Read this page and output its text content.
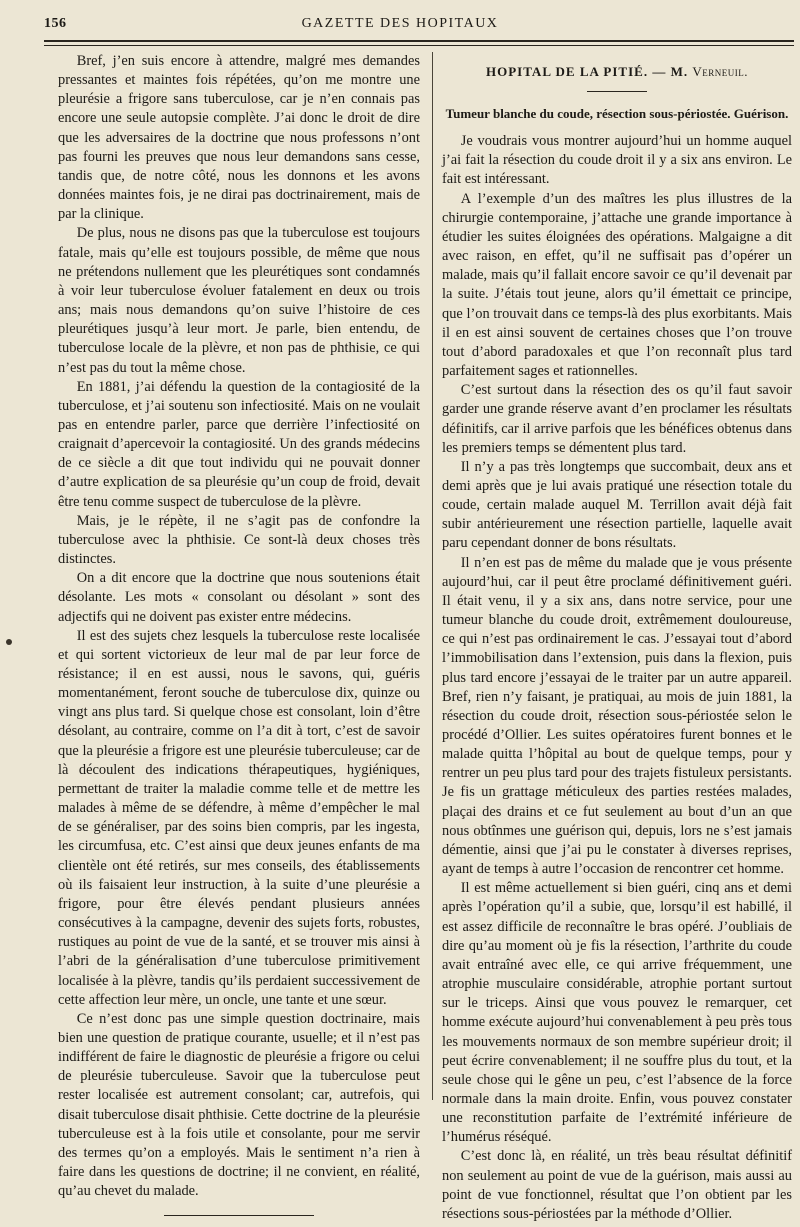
156	GAZETTE DES HOPITAUX

Bref, j’en suis encore à attendre, malgré mes demandes pressantes et maintes fois répétées, qu’on me montre une pleurésie a frigore sans tuberculose, car je n’en connais pas encore une seule autopsie complète. J’ai donc le droit de dire que les adversaires de la doctrine que nous professons n’ont pas fourni les preuves que nous leur demandons sans cesse, tandis que, de notre côté, nous les donnons et les avons données maintes fois, je ne dirai pas doctrinairement, mais de par la clinique.

De plus, nous ne disons pas que la tuberculose est toujours fatale, mais qu’elle est toujours possible, de même que nous ne prétendons nullement que les pleurétiques sont condamnés à voir leur tuberculose évoluer fatalement en deux ou trois ans; mais nous demandons qu’on suive l’histoire de ces pleurétiques jusqu’à leur mort. Je parle, bien entendu, de tuberculose locale de la plèvre, et non pas de phthisie, ce qui n’est pas du tout la même chose.

En 1881, j’ai défendu la question de la contagiosité de la tuberculose, et j’ai soutenu son infectiosité. Mais on ne voulait pas en entendre parler, parce que derrière l’infectiosité on craignait d’apercevoir la contagiosité. Un des grands médecins de ce siècle a dit que tout individu qui ne pouvait donner d’autre explication de sa pleurésie qu’un coup de froid, devait être tenu comme suspect de tuberculose de la plèvre.

Mais, je le répète, il ne s’agit pas de confondre la tuberculose avec la phthisie. Ce sont-là deux choses très distinctes.

On a dit encore que la doctrine que nous soutenions était désolante. Les mots « consolant ou désolant » sont des adjectifs qui ne doivent pas exister entre médecins.

Il est des sujets chez lesquels la tuberculose reste localisée et qui sortent victorieux de leur mal de par leur force de résistance; il en est aussi, nous le savons, qui, guéris momentanément, feront souche de tuberculose dix, quinze ou vingt ans plus tard. Si quelque chose est consolant, loin d’être désolant, au contraire, comme on l’a dit à tort, c’est de savoir que la pleurésie a frigore est une pleurésie tuberculeuse; car de là découlent des indications thérapeutiques, hygiéniques, permettant de traiter la maladie comme telle et de mettre les malades à même de se défendre, à même d’empêcher le mal de se généraliser, par des soins bien compris, par les ingesta, les circumfusa, etc. C’est ainsi que deux jeunes enfants de ma clientèle ont été retirés, sur mes conseils, des établissements où ils faisaient leur instruction, à la suite d’une pleurésie a frigore, pour être élevés pendant plusieurs années consécutives à la campagne, devenir des sujets forts, robustes, rustiques au point de vue de la santé, et se trouver mis ainsi à l’abri de la généralisation d’une tuberculose primitivement localisée à la plèvre, tandis qu’ils perdaient successivement de cette affection leur mère, un oncle, une tante et une sœur.

Ce n’est donc pas une simple question doctrinaire, mais bien une question de pratique courante, usuelle; et il n’est pas indifférent de faire le diagnostic de pleurésie a frigore ou celui de pleurésie tuberculeuse. Savoir que la tuberculose peut rester localisée est autrement consolant; car, autrefois, qui disait tuberculose disait phthisie. Cette doctrine de la pleurésie tuberculeuse est à la fois utile et consolante, pour me servir des termes qu’on a employés. Mais le sentiment n’a rien à faire dans les questions de doctrine; il ne convient, en réalité, qu’au chevet du malade.

HOPITAL DE LA PITIÉ. — M. Verneuil.
Tumeur blanche du coude, résection sous-périostée. Guérison.

Je voudrais vous montrer aujourd’hui un homme auquel j’ai fait la résection du coude droit il y a six ans environ. Le fait est intéressant.

A l’exemple d’un des maîtres les plus illustres de la chirurgie contemporaine, j’attache une grande importance à étudier les suites éloignées des opérations. Malgaigne a dit avec raison, en effet, qu’il ne suffisait pas d’opérer un malade, mais qu’il fallait encore savoir ce qu’il devenait par la suite. J’étais tout jeune, alors qu’il émettait ce principe, que l’on trouvait dans ce temps-là des plus exorbitants. Mais il en est ainsi souvent de certaines choses que l’on trouve tout d’abord paradoxales et que l’on reconnaît plus tard parfaitement sages et rationnelles.

C’est surtout dans la résection des os qu’il faut savoir garder une grande réserve avant d’en proclamer les résultats définitifs, car il arrive parfois que les bénéfices obtenus dans les premiers temps se démentent plus tard.

Il n’y a pas très longtemps que succombait, deux ans et demi après que je lui avais pratiqué une résection totale du coude, certain malade auquel M. Terrillon avait déjà fait subir antérieurement une résection partielle, laquelle avait paru cependant donner de bons résultats.

Il n’en est pas de même du malade que je vous présente aujourd’hui, car il peut être proclamé définitivement guéri. Il était venu, il y a six ans, dans notre service, pour une tumeur blanche du coude droit, extrêmement douloureuse, ce qui n’est pas ordinairement le cas. J’essayai tout d’abord l’immobilisation dans l’extension, puis dans la flexion, puis plus tard encore j’essayai de le traiter par un autre appareil. Bref, rien n’y faisant, je pratiquai, au mois de juin 1881, la résection du coude droit, résection sous-périostée selon le procédé d’Ollier. Les suites opératoires furent bonnes et le malade quitta l’hôpital au bout de quelque temps, pour y rentrer un peu plus tard pour des trajets fistuleux persistants. Je fis un grattage méticuleux des parties restées malades, plaçai des drains et ce fut seulement au bout d’un an que nous obtînmes une guérison qui, depuis, lors ne s’est jamais démentie, ainsi que j’ai pu le constater à diverses reprises, ayant de temps à autre l’occasion de rencontrer cet homme.

Il est même actuellement si bien guéri, cinq ans et demi après l’opération qu’il a subie, que, lorsqu’il est habillé, il est assez difficile de reconnaître le bras opéré. J’oubliais de dire qu’au moment où je fis la résection, l’arthrite du coude avait entraîné avec elle, ce qui arrive fréquemment, une atrophie musculaire considérable, atrophie portant surtout sur le triceps. Ainsi que vous pouvez le remarquer, cet homme exécute aujourd’hui convenablement à peu près tous les mouvements normaux de son membre supérieur droit; il peut écrire convenablement; il ne souffre plus du tout, et la seule chose qui le gêne un peu, c’est l’absence de la force normale dans la main droite. Enfin, vous pouvez constater une reconstitution parfaite de l’extrémité inférieure de l’humérus réséqué.

C’est donc là, en réalité, un très beau résultat définitif non seulement au point de vue de la guérison, mais aussi au point de vue fonctionnel, résultat que l’on obtient par les résections sous-périostées par la méthode d’Ollier.
